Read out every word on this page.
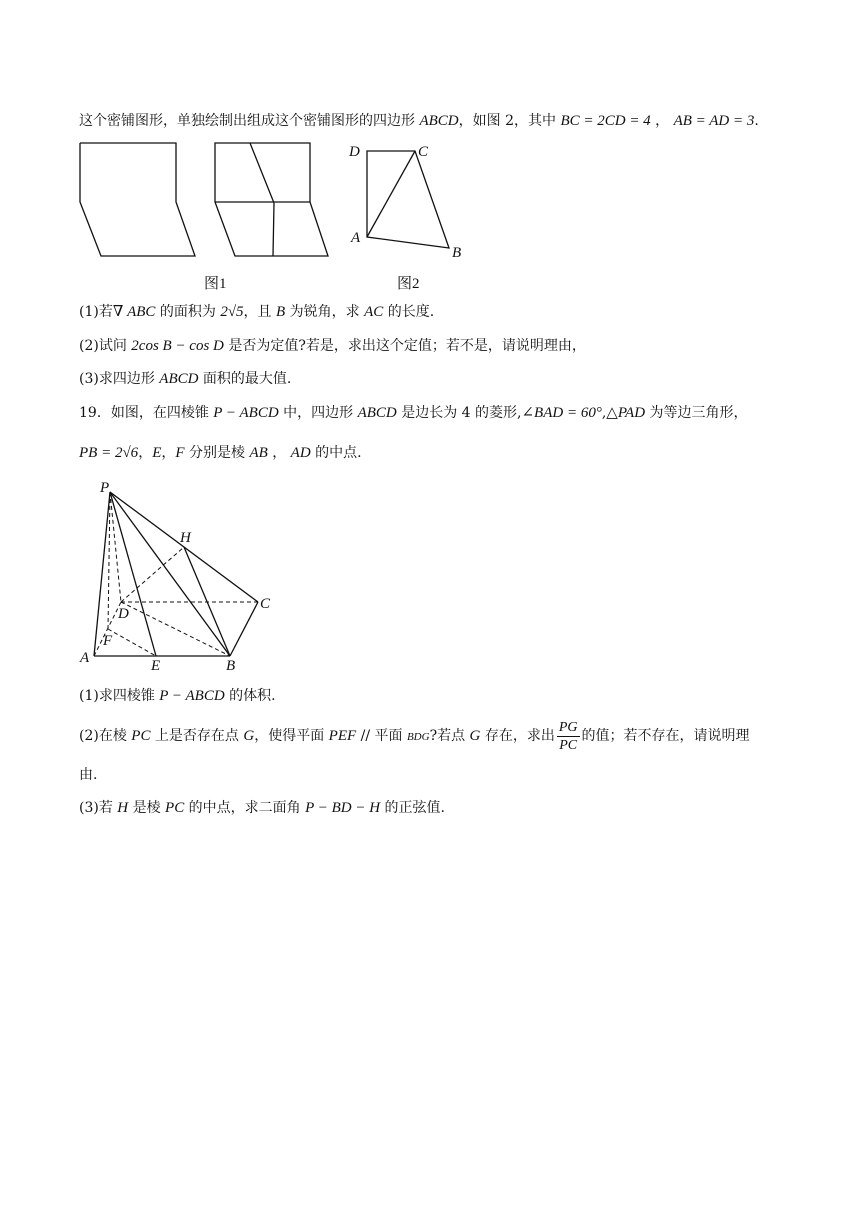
这个密铺图形，单独绘制出组成这个密铺图形的四边形 ABCD，如图 2，其中 BC = 2CD = 4 ， AB = AD = 3.
图1
D	C
A
B
图2
(1)若∇ ABC 的面积为 2√5，且 B 为锐角，求 AC 的长度.
(2)试问 2cos B − cos D 是否为定值?若是，求出这个定值；若不是，请说明理由，
(3)求四边形 ABCD 面积的最大值.
19．如图，在四棱锥 P − ABCD 中，四边形 ABCD 是边长为 4 的菱形,∠BAD = 60°,△PAD 为等边三角形，
PB = 2√6，E，F 分别是棱 AB ， AD 的中点.
P
H
C
D
F
A	E	B
(1)求四棱锥 P − ABCD 的体积.
(2)在棱 PC 上是否存在点 G，使得平面 PEF // 平面 BDG?若点 G 存在，求出 $\frac{PG}{PC}$ 的值；若不存在，请说明理
由.
(3)若 H 是棱 PC 的中点，求二面角 P − BD − H 的正弦值.
